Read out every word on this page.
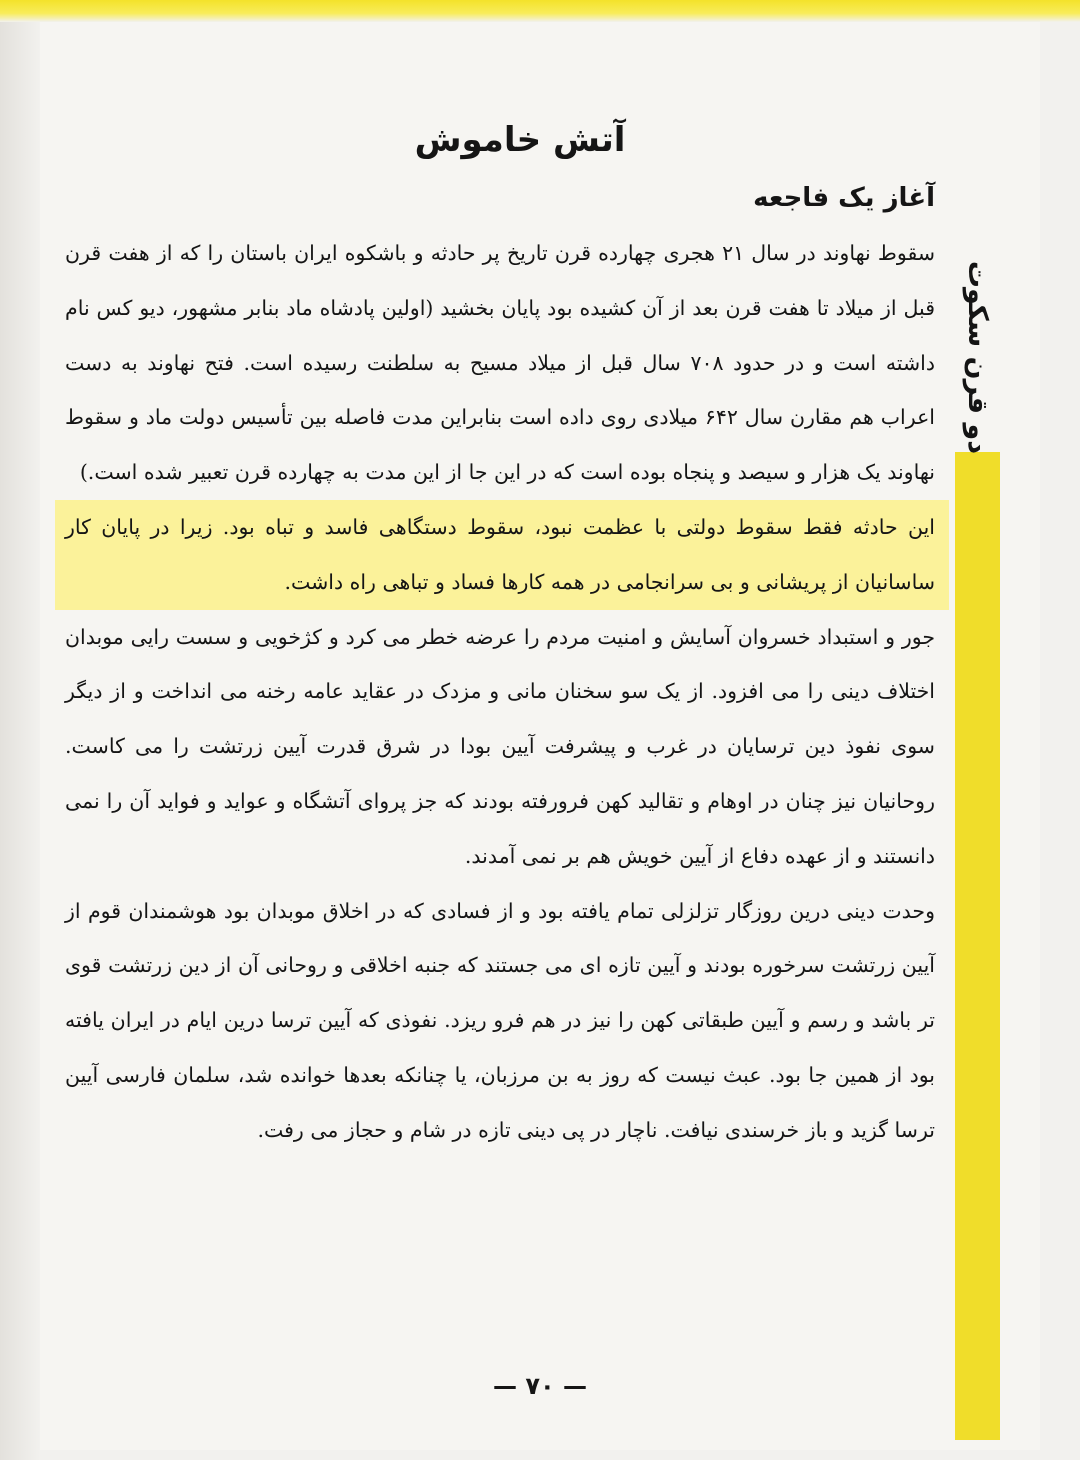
دو قرن سکوت
آتش خاموش
آغاز یک فاجعه

سقوط نهاوند در سال ۲۱ هجری چهارده قرن تاریخ پر حادثه و باشکوه ایران باستان را که از هفت قرن قبل از میلاد تا هفت قرن بعد از آن کشیده بود پایان بخشید (اولین پادشاه ماد بنابر مشهور، دیو کس نام داشته است و در حدود ۷۰۸ سال قبل از میلاد مسیح به سلطنت رسیده است. فتح نهاوند به دست اعراب هم مقارن سال ۶۴۲ میلادی روی داده است بنابراین مدت فاصله بین تأسیس دولت ماد و سقوط نهاوند یک هزار و سیصد و پنجاه بوده است که در این جا از این مدت به چهارده قرن تعبیر شده است.)

این حادثه فقط سقوط دولتی با عظمت نبود، سقوط دستگاهی فاسد و تباه بود. زیرا در پایان کار ساسانیان از پریشانی و بی سرانجامی در همه کارها فساد و تباهی راه داشت.

جور و استبداد خسروان آسایش و امنیت مردم را عرضه خطر می کرد و کژخویی و سست رایی موبدان اختلاف دینی را می افزود. از یک سو سخنان مانی و مزدک در عقاید عامه رخنه می انداخت و از دیگر سوی نفوذ دین ترسایان در غرب و پیشرفت آیین بودا در شرق قدرت آیین زرتشت را می کاست. روحانیان نیز چنان در اوهام و تقالید کهن فرورفته بودند که جز پروای آتشگاه و عواید و فواید آن را نمی دانستند و از عهده دفاع از آیین خویش هم بر نمی آمدند.

وحدت دینی درین روزگار تزلزلی تمام یافته بود و از فسادی که در اخلاق موبدان بود هوشمندان قوم از آیین زرتشت سرخوره بودند و آیین تازه ای می جستند که جنبه اخلاقی و روحانی آن از دین زرتشت قوی تر باشد و رسم و آیین طبقاتی کهن را نیز در هم فرو ریزد. نفوذی که آیین ترسا درین ایام در ایران یافته بود از همین جا بود. عبث نیست که روز به بن مرزبان، یا چنانکه بعدها خوانده شد، سلمان فارسی آیین ترسا گزید و باز خرسندی نیافت. ناچار در پی دینی تازه در شام و حجاز می رفت.

— ۷۰ —
